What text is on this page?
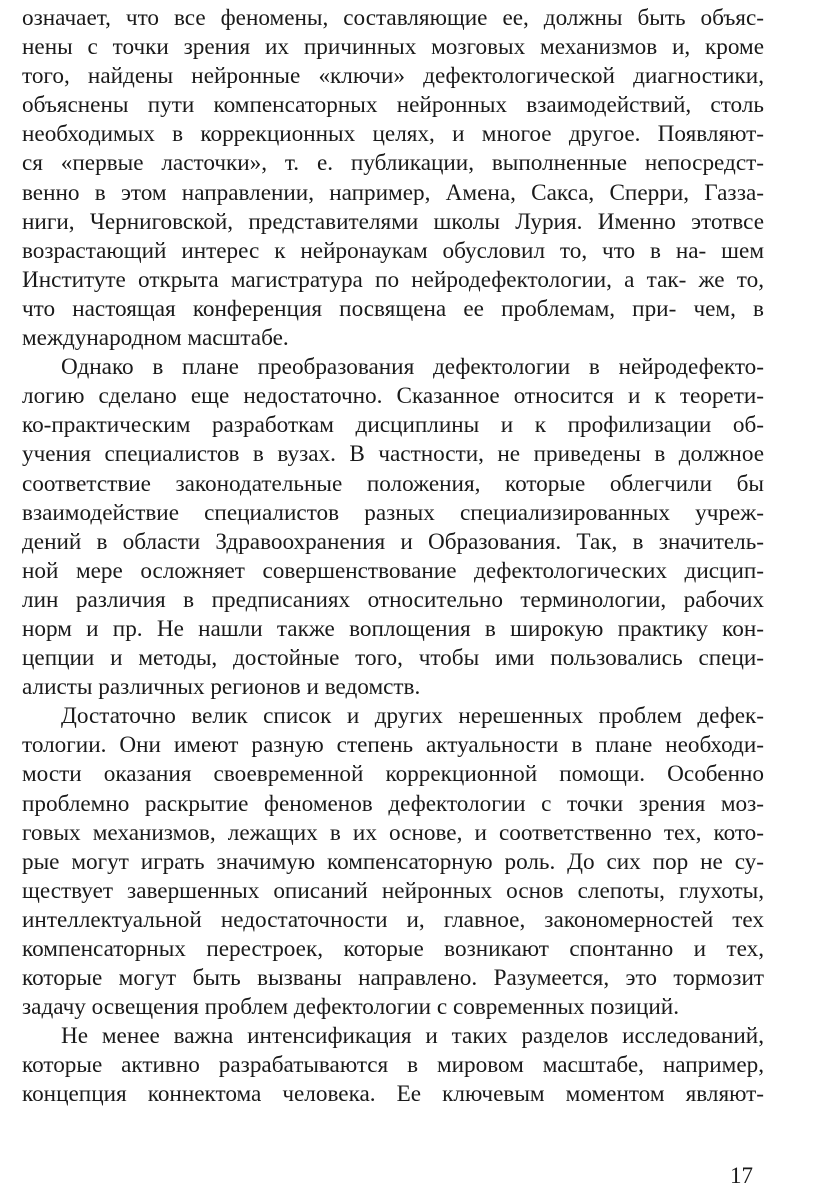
означает, что все феномены, составляющие ее, должны быть объяс-
нены с точки зрения их причинных мозговых механизмов и, кроме
того, найдены нейронные «ключи» дефектологической диагностики,
объяснены пути компенсаторных нейронных взаимодействий, столь
необходимых в коррекционных целях, и многое другое. Появляют-
ся «первые ласточки», т. е. публикации, выполненные непосредст-
венно в этом направлении, например, Амена, Сакса, Сперри, Газза-
ниги, Черниговской, представителями школы Лурия. Именно этотвсе
возрастающий интерес к нейронаукам обусловил то, что в на- шем
Институте открыта магистратура по нейродефектологии, а так- же то,
что настоящая конференция посвящена ее проблемам, при- чем, в
международном масштабе.
Однако в плане преобразования дефектологии в нейродефекто-
логию сделано еще недостаточно. Сказанное относится и к теорети-
ко-практическим разработкам дисциплины и к профилизации об-
учения специалистов в вузах. В частности, не приведены в должное
соответствие законодательные положения, которые облегчили бы
взаимодействие специалистов разных специализированных учреж-
дений в области Здравоохранения и Образования. Так, в значитель-
ной мере осложняет совершенствование дефектологических дисцип-
лин различия в предписаниях относительно терминологии, рабочих
норм и пр. Не нашли также воплощения в широкую практику кон-
цепции и методы, достойные того, чтобы ими пользовались специ-
алисты различных регионов и ведомств.
Достаточно велик список и других нерешенных проблем дефек-
тологии. Они имеют разную степень актуальности в плане необходи-
мости оказания своевременной коррекционной помощи. Особенно
проблемно раскрытие феноменов дефектологии с точки зрения моз-
говых механизмов, лежащих в их основе, и соответственно тех, кото-
рые могут играть значимую компенсаторную роль. До сих пор не су-
ществует завершенных описаний нейронных основ слепоты, глухоты,
интеллектуальной недостаточности и, главное, закономерностей тех
компенсаторных перестроек, которые возникают спонтанно и тех,
которые могут быть вызваны направлено. Разумеется, это тормозит
задачу освещения проблем дефектологии с современных позиций.
Не менее важна интенсификация и таких разделов исследований,
которые активно разрабатываются в мировом масштабе, например,
концепция коннектома человека. Ее ключевым моментом являют-
17
